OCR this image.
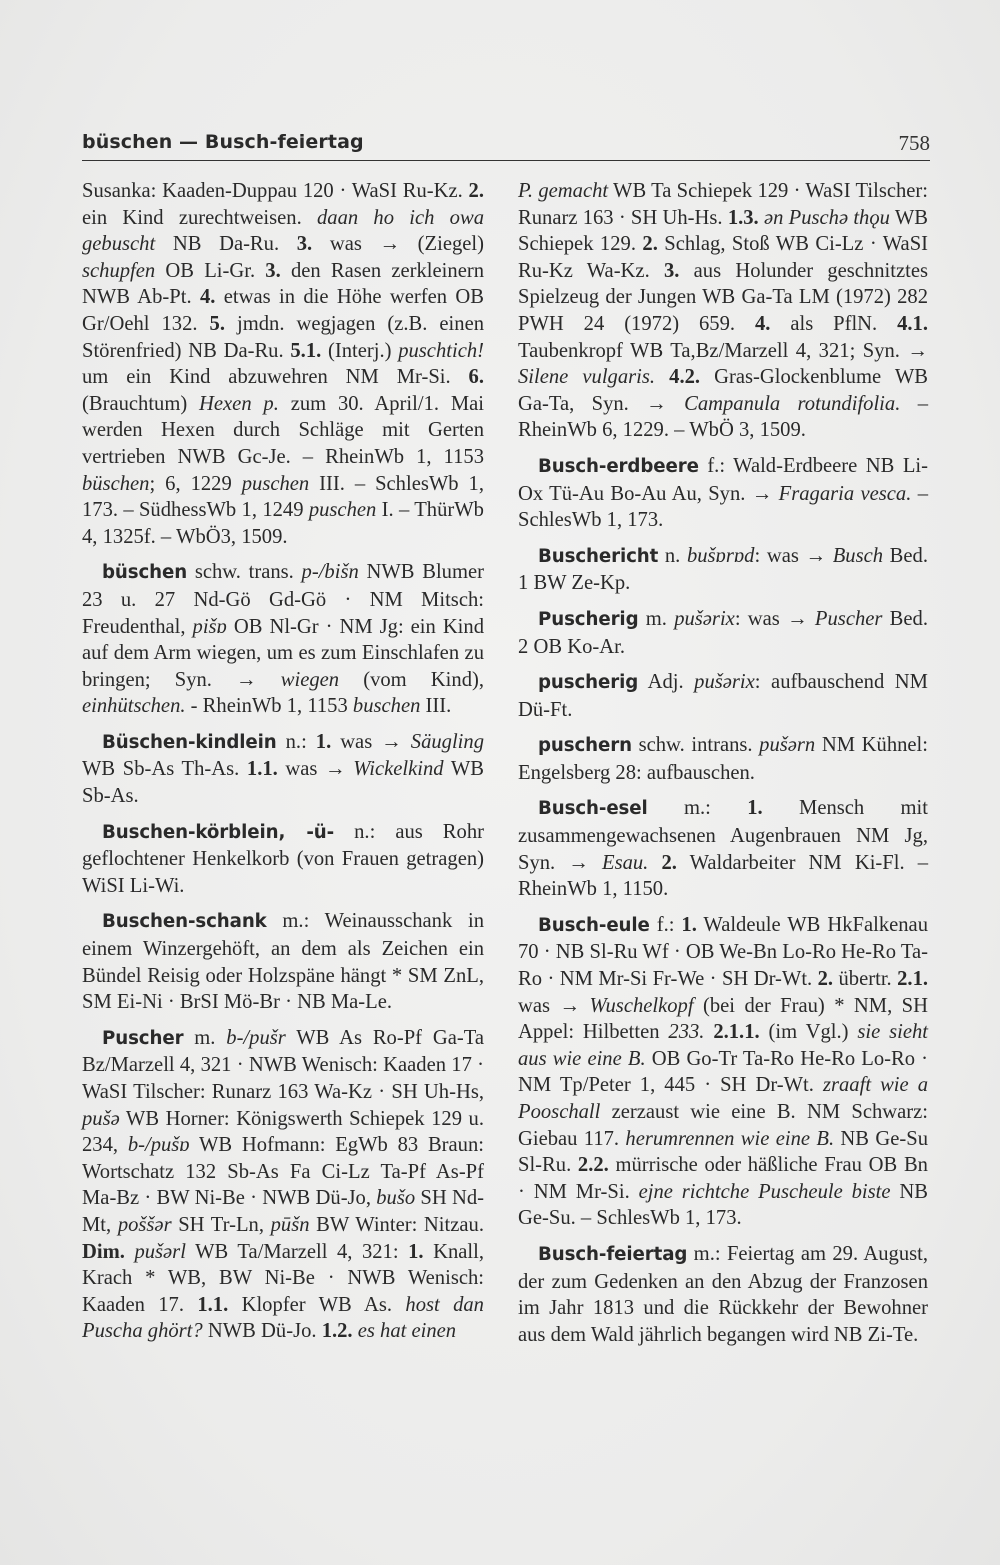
büschen — Busch-feiertag	758

Susanka: Kaaden-Duppau 120 · WaSI Ru-Kz. 2. ein Kind zurechtweisen. daan ho ich owa gebuscht NB Da-Ru. 3. was → (Ziegel) schupfen OB Li-Gr. 3. den Rasen zerkleinern NWB Ab-Pt. 4. etwas in die Höhe werfen OB Gr/Oehl 132. 5. jmdn. wegjagen (z.B. einen Störenfried) NB Da-Ru. 5.1. (Interj.) puschtich! um ein Kind abzuwehren NM Mr-Si. 6. (Brauchtum) Hexen p. zum 30. April/1. Mai werden Hexen durch Schläge mit Gerten vertrieben NWB Gc-Je. – RheinWb 1, 1153 büschen; 6, 1229 puschen III. – SchlesWb 1, 173. – SüdhessWb 1, 1249 puschen I. – ThürWb 4, 1325f. – WbÖ3, 1509.

büschen schw. trans. p-/bišn NWB Blumer 23 u. 27 Nd-Gö Gd-Gö · NM Mitsch: Freudenthal, pišɒ OB Nl-Gr · NM Jg: ein Kind auf dem Arm wiegen, um es zum Einschlafen zu bringen; Syn. → wiegen (vom Kind), einhütschen. - RheinWb 1, 1153 buschen III.

Büschen-kindlein n.: 1. was → Säugling WB Sb-As Th-As. 1.1. was → Wickelkind WB Sb-As.

Buschen-körblein, -ü- n.: aus Rohr geflochtener Henkelkorb (von Frauen getragen) WiSI Li-Wi.

Buschen-schank m.: Weinausschank in einem Winzergehöft, an dem als Zeichen ein Bündel Reisig oder Holzspäne hängt * SM ZnL, SM Ei-Ni · BrSI Mö-Br · NB Ma-Le.

Puscher m. b-/pušr WB As Ro-Pf Ga-Ta Bz/Marzell 4, 321 · NWB Wenisch: Kaaden 17 · WaSI Tilscher: Runarz 163 Wa-Kz · SH Uh-Hs, pušə WB Horner: Königswerth Schiepek 129 u. 234, b-/pušɒ WB Hofmann: EgWb 83 Braun: Wortschatz 132 Sb-As Fa Ci-Lz Ta-Pf As-Pf Ma-Bz · BW Ni-Be · NWB Dü-Jo, bušo SH Nd-Mt, poššər SH Tr-Ln, pūšn BW Winter: Nitzau. Dim. pušərl WB Ta/Marzell 4, 321: 1. Knall, Krach * WB, BW Ni-Be · NWB Wenisch: Kaaden 17. 1.1. Klopfer WB As. host dan Puscha ghört? NWB Dü-Jo. 1.2. es hat einen

P. gemacht WB Ta Schiepek 129 · WaSI Tilscher: Runarz 163 · SH Uh-Hs. 1.3. ən Puschə thǫu WB Schiepek 129. 2. Schlag, Stoß WB Ci-Lz · WaSI Ru-Kz Wa-Kz. 3. aus Holunder geschnitztes Spielzeug der Jungen WB Ga-Ta LM (1972) 282 PWH 24 (1972) 659. 4. als PflN. 4.1. Taubenkropf WB Ta,Bz/Marzell 4, 321; Syn. → Silene vulgaris. 4.2. Gras-Glockenblume WB Ga-Ta, Syn. → Campanula rotundifolia. – RheinWb 6, 1229. – WbÖ 3, 1509.

Busch-erdbeere f.: Wald-Erdbeere NB Li-Ox Tü-Au Bo-Au Au, Syn. → Fragaria vesca. – SchlesWb 1, 173.

Buschericht n. bušɒrɒd: was → Busch Bed. 1 BW Ze-Kp.

Puscherig m. pušərix: was → Puscher Bed. 2 OB Ko-Ar.

puscherig Adj. pušərix: aufbauschend NM Dü-Ft.

puschern schw. intrans. pušərn NM Kühnel: Engelsberg 28: aufbauschen.

Busch-esel m.: 1. Mensch mit zusammengewachsenen Augenbrauen NM Jg, Syn. → Esau. 2. Waldarbeiter NM Ki-Fl. – RheinWb 1, 1150.

Busch-eule f.: 1. Waldeule WB HkFalkenau 70 · NB Sl-Ru Wf · OB We-Bn Lo-Ro He-Ro Ta-Ro · NM Mr-Si Fr-We · SH Dr-Wt. 2. übertr. 2.1. was → Wuschelkopf (bei der Frau) * NM, SH Appel: Hilbetten 233. 2.1.1. (im Vgl.) sie sieht aus wie eine B. OB Go-Tr Ta-Ro He-Ro Lo-Ro · NM Tp/Peter 1, 445 · SH Dr-Wt. zraaft wie a Pooschall zerzaust wie eine B. NM Schwarz: Giebau 117. herumrennen wie eine B. NB Ge-Su Sl-Ru. 2.2. mürrische oder häßliche Frau OB Bn · NM Mr-Si. ejne richtche Puscheule biste NB Ge-Su. – SchlesWb 1, 173.

Busch-feiertag m.: Feiertag am 29. August, der zum Gedenken an den Abzug der Franzosen im Jahr 1813 und die Rückkehr der Bewohner aus dem Wald jährlich begangen wird NB Zi-Te.
